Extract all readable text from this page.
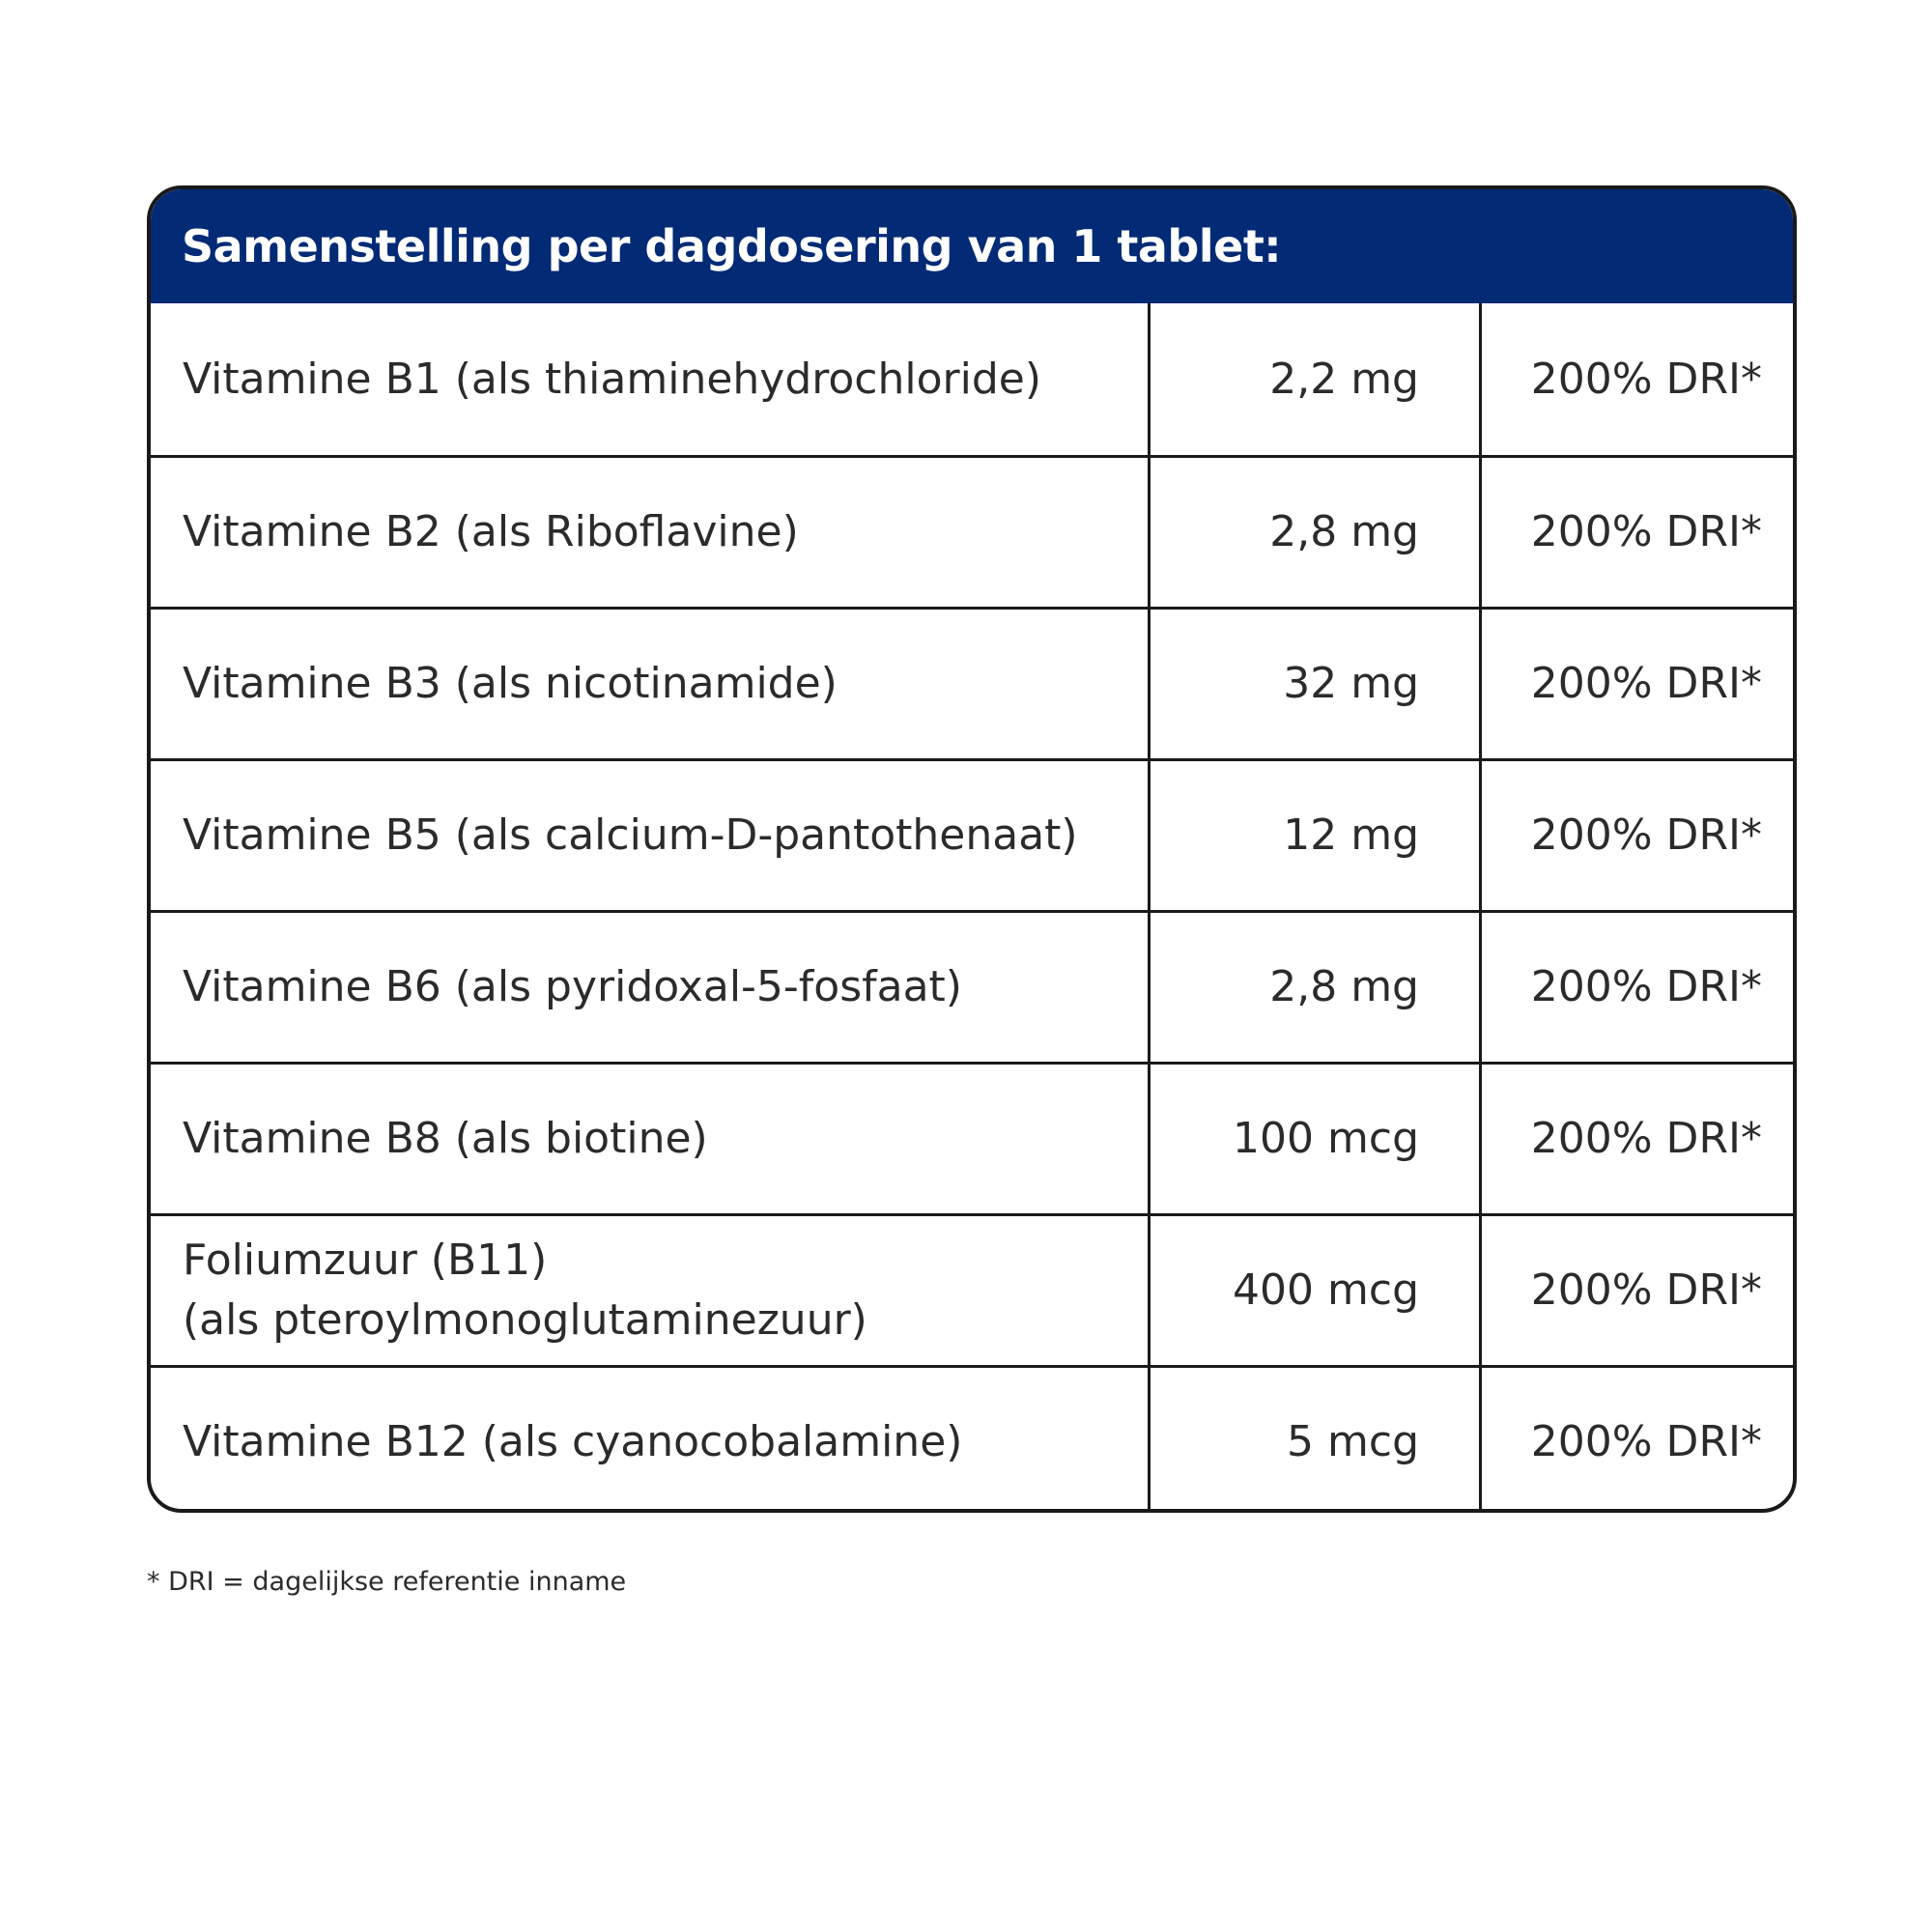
Samenstelling per dagdosering van 1 tablet:
Vitamine B1 (als thiaminehydrochloride)	2,2 mg	200% DRI*
Vitamine B2 (als Riboflavine)	2,8 mg	200% DRI*
Vitamine B3 (als nicotinamide)	32 mg	200% DRI*
Vitamine B5 (als calcium-D-pantothenaat)	12 mg	200% DRI*
Vitamine B6 (als pyridoxal-5-fosfaat)	2,8 mg	200% DRI*
Vitamine B8 (als biotine)	100 mcg	200% DRI*
Foliumzuur (B11)
(als pteroylmonoglutaminezuur)
400 mcg	200% DRI*
Vitamine B12 (als cyanocobalamine)	5 mcg	200% DRI*
* DRI = dagelijkse referentie inname
